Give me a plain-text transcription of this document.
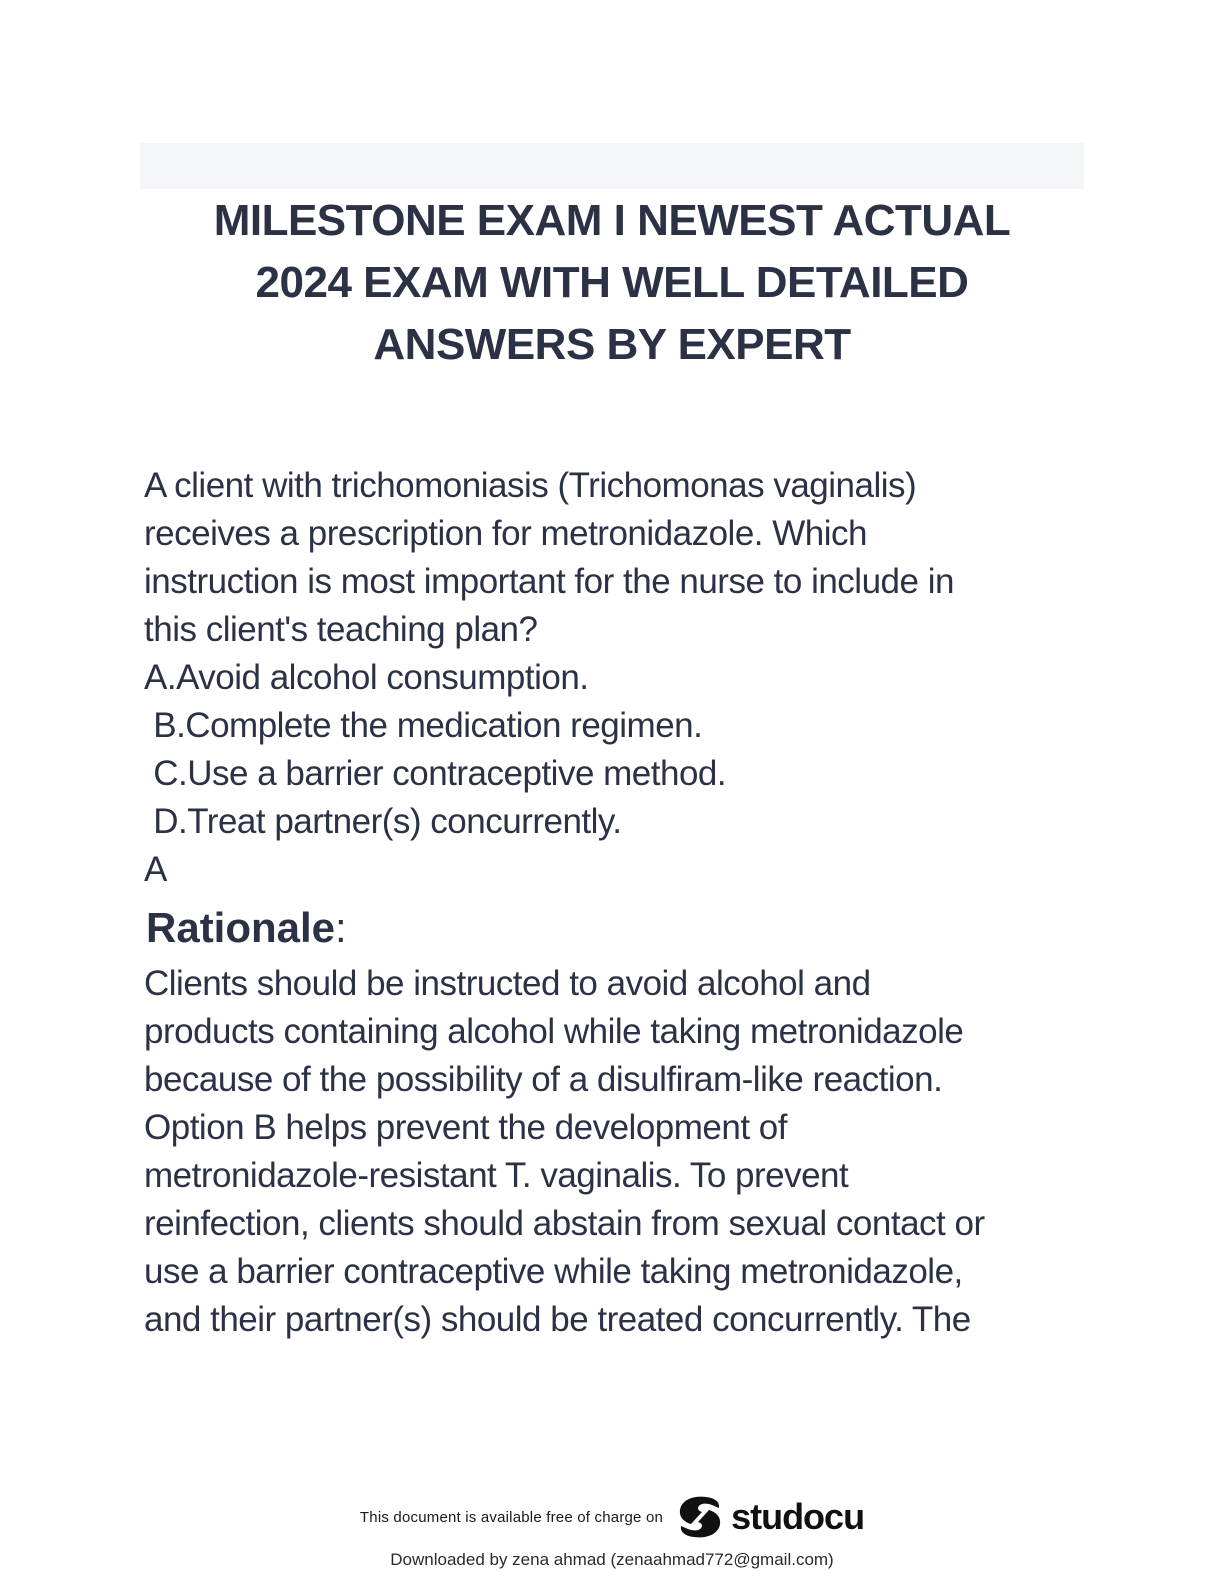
MILESTONE EXAM I NEWEST ACTUAL
2024 EXAM WITH WELL DETAILED
ANSWERS BY EXPERT
A client with trichomoniasis (Trichomonas vaginalis)
receives a prescription for metronidazole. Which
instruction is most important for the nurse to include in
this client's teaching plan?
A.Avoid alcohol consumption.
B.Complete the medication regimen.
C.Use a barrier contraceptive method.
D.Treat partner(s) concurrently.
A
Rationale:
Clients should be instructed to avoid alcohol and
products containing alcohol while taking metronidazole
because of the possibility of a disulfiram-like reaction.
Option B helps prevent the development of
metronidazole-resistant T. vaginalis. To prevent
reinfection, clients should abstain from sexual contact or
use a barrier contraceptive while taking metronidazole,
and their partner(s) should be treated concurrently. The
This document is available free of charge on studocu
Downloaded by zena ahmad (zenaahmad772@gmail.com)
